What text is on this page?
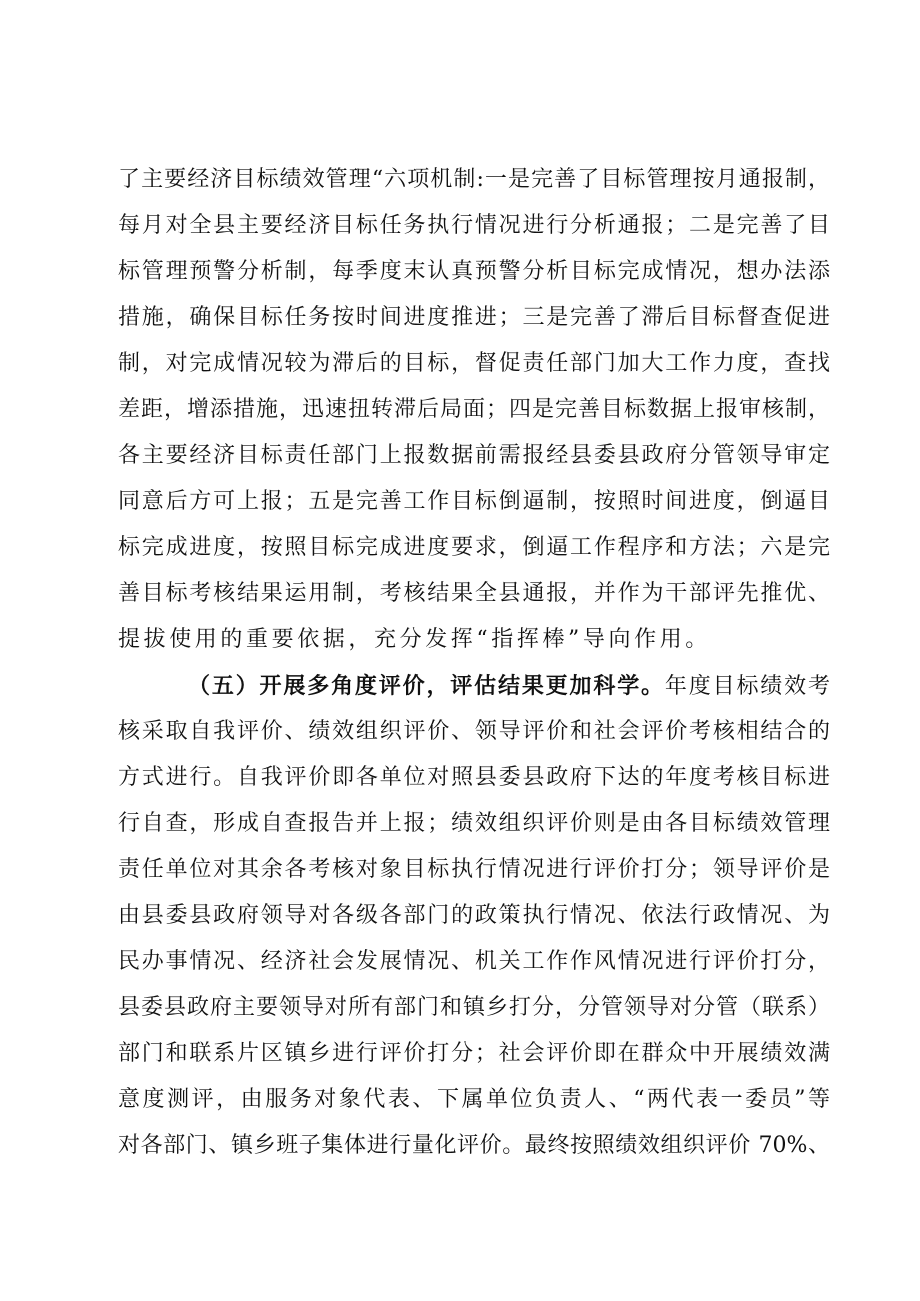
了主要经济目标绩效管理“六项机制:一是完善了目标管理按月通报制，

每月对全县主要经济目标任务执行情况进行分析通报；二是完善了目

标管理预警分析制，每季度末认真预警分析目标完成情况，想办法添

措施，确保目标任务按时间进度推进；三是完善了滞后目标督查促进

制，对完成情况较为滞后的目标，督促责任部门加大工作力度，查找

差距，增添措施，迅速扭转滞后局面；四是完善目标数据上报审核制，

各主要经济目标责任部门上报数据前需报经县委县政府分管领导审定

同意后方可上报；五是完善工作目标倒逼制，按照时间进度，倒逼目

标完成进度，按照目标完成进度要求，倒逼工作程序和方法；六是完

善目标考核结果运用制，考核结果全县通报，并作为干部评先推优、

提拔使用的重要依据，充分发挥“指挥棒”导向作用。

（五）开展多角度评价，评估结果更加科学。年度目标绩效考

核采取自我评价、绩效组织评价、领导评价和社会评价考核相结合的

方式进行。自我评价即各单位对照县委县政府下达的年度考核目标进

行自查，形成自查报告并上报；绩效组织评价则是由各目标绩效管理

责任单位对其余各考核对象目标执行情况进行评价打分；领导评价是

由县委县政府领导对各级各部门的政策执行情况、依法行政情况、为

民办事情况、经济社会发展情况、机关工作作风情况进行评价打分，

县委县政府主要领导对所有部门和镇乡打分，分管领导对分管（联系）

部门和联系片区镇乡进行评价打分；社会评价即在群众中开展绩效满

意度测评，由服务对象代表、下属单位负责人、“两代表一委员”等

对各部门、镇乡班子集体进行量化评价。最终按照绩效组织评价 70%、
